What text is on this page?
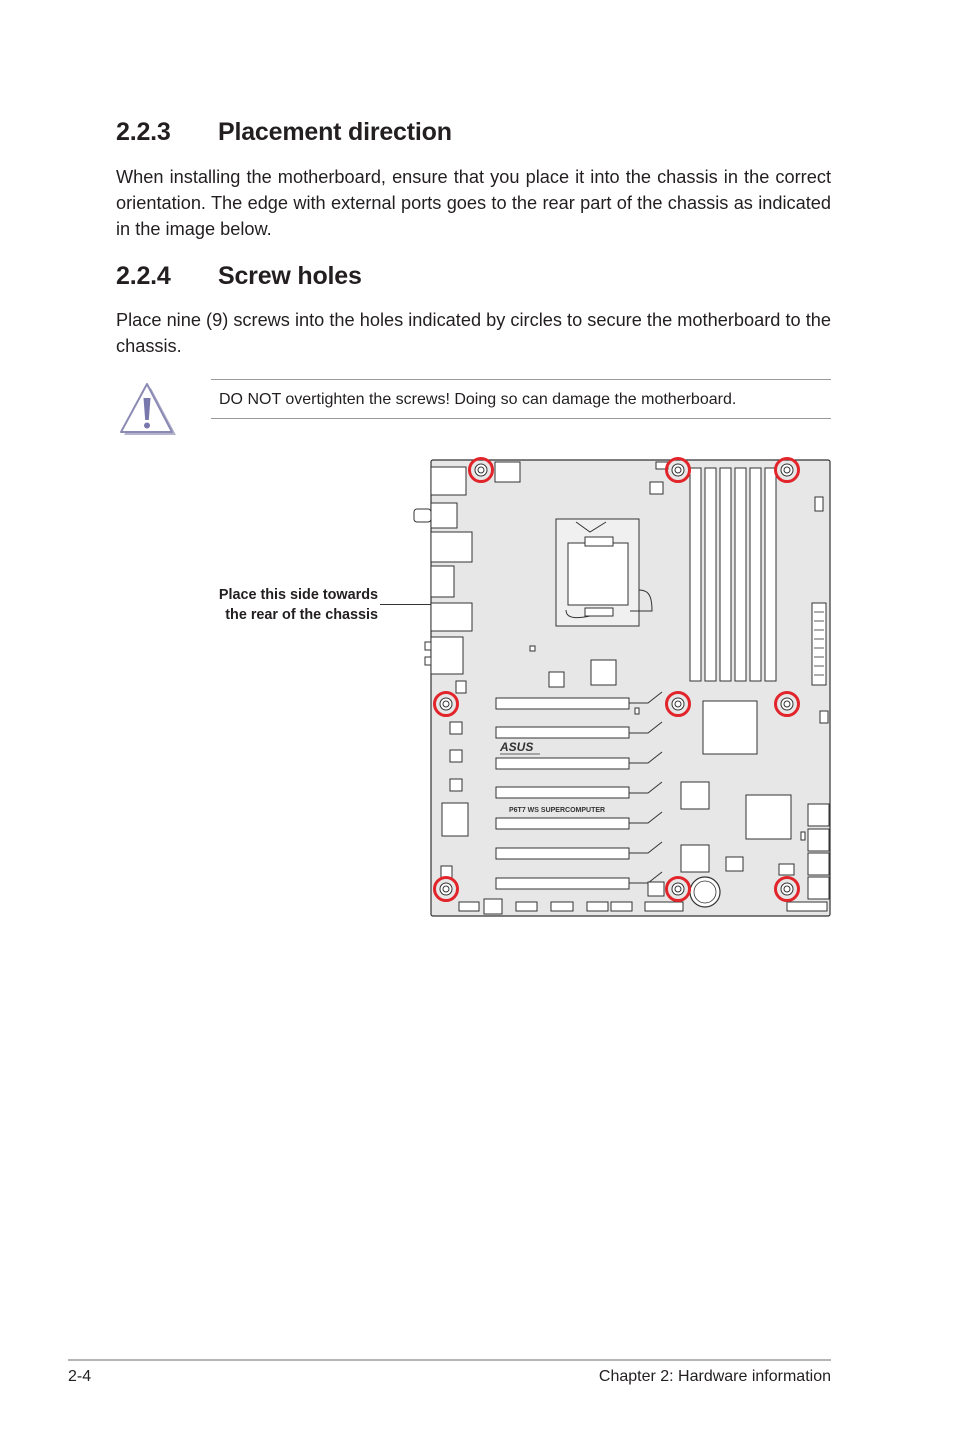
2.2.3 Placement direction

When installing the motherboard, ensure that you place it into the chassis in the correct orientation. The edge with external ports goes to the rear part of the chassis as indicated in the image below.

2.2.4 Screw holes

Place nine (9) screws into the holes indicated by circles to secure the motherboard to the chassis.

DO NOT overtighten the screws! Doing so can damage the motherboard.
Place this side towards
the rear of the chassis
ASUS
P6T7 WS SUPERCOMPUTER
2-4	Chapter 2: Hardware information
